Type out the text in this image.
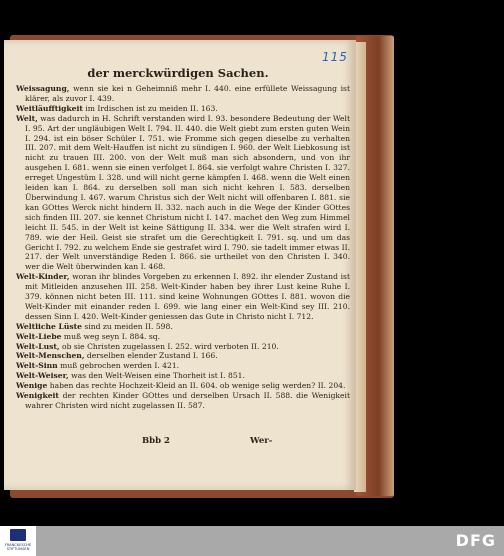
115
der merckwürdigen Sachen.

Weissagung, wenn sie kei n Geheimniß mehr I. 440. eine erfüllete Weissagung ist klärer, als zuvor I. 439.

Weitläufftigkeit im Irdischen ist zu meiden II. 163.

Welt, was dadurch in H. Schrift verstanden wird I. 93. besondere Bedeutung der Welt I. 95. Art der ungläubigen Welt I. 794. II. 440. die Welt giebt zum ersten guten Wein I. 294. ist ein böser Schüler I. 751. wie Fromme sich gegen dieselbe zu verhalten III. 207. mit dem Welt-Hauffen ist nicht zu sündigen I. 960. der Welt Liebkosung ist nicht zu trauen III. 200. von der Welt muß man sich absondern, und von ihr ausgehen I. 681. wenn sie einen verfolget I. 864. sie verfolgt wahre Christen I. 327. erreget Ungestüm I. 328. und will nicht gerne kämpfen I. 468. wenn die Welt einen leiden kan I. 864. zu derselben soll man sich nicht kehren I. 583. derselben Überwindung I. 467. warum Christus sich der Welt nicht will offenbaren I. 881. sie kan GOttes Werck nicht hindern II. 332. nach auch in die Wege der Kinder GOttes sich finden III. 207. sie kennet Christum nicht I. 147. machet den Weg zum Himmel leicht II. 545. in der Welt ist keine Sättigung II. 334. wer die Welt strafen wird I. 789. wie der Heil. Geist sie strafet um die Gerechtigkeit I. 791. sq. und um das Gericht I. 792. zu welchem Ende sie gestrafet wird I. 790. sie tadelt immer etwas II. 217. der Welt unverständige Reden I. 866. sie urtheilet von den Christen I. 340. wer die Welt überwinden kan I. 468.

Welt-Kinder, woran ihr blindes Vorgeben zu erkennen I. 892. ihr elender Zustand ist mit Mitleiden anzusehen III. 258. Welt-Kinder haben bey ihrer Lust keine Ruhe I. 379. können nicht beten III. 111. sind keine Wohnungen GOttes I. 881. wovon die Welt-Kinder mit einander reden I. 699. wie lang einer ein Welt-Kind sey III. 210. dessen Sinn I. 420. Welt-Kinder geniessen das Gute in Christo nicht I. 712.

Weltliche Lüste sind zu meiden II. 598.

Welt-Liebe muß weg seyn I. 884. sq.

Welt-Lust, ob sie Christen zugelassen I. 252. wird verboten II. 210.

Welt-Menschen, derselben elender Zustand I. 166.

Welt-Sinn muß gebrochen werden I. 421.

Welt-Weiser, was den Welt-Weisen eine Thorheit ist I. 851.

Wenige haben das rechte Hochzeit-Kleid an II. 604. ob wenige selig werden? II. 204.

Wenigkeit der rechten Kinder GOttes und derselben Ursach II. 588. die Wenigkeit wahrer Christen wird nicht zugelassen II. 587.

Bbb 2	Wer-
FRANCKESCHE STIFTUNGEN	DFG
